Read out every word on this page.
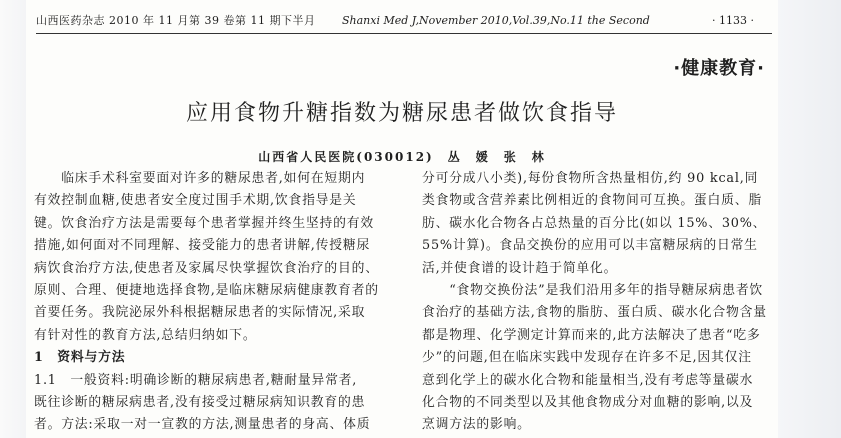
山西医药杂志 2010 年 11 月第 39 卷第 11 期下半月 Shanxi Med J,November 2010,Vol.39,No.11 the Second	· 1133 ·
·健康教育·
应用食物升糖指数为糖尿患者做饮食指导
山西省人民医院(030012)　丛　媛　张　林

　　临床手术科室要面对许多的糖尿患者,如何在短期内

有效控制血糖,使患者安全度过围手术期,饮食指导是关

键。饮食治疗方法是需要每个患者掌握并终生坚持的有效

措施,如何面对不同理解、接受能力的患者讲解,传授糖尿

病饮食治疗方法,使患者及家属尽快掌握饮食治疗的目的、

原则、合理、便捷地选择食物,是临床糖尿病健康教育者的

首要任务。我院泌尿外科根据糖尿患者的实际情况,采取

有针对性的教育方法,总结归纳如下。

1　资料与方法

1.1　一般资料:明确诊断的糖尿病患者,糖耐量异常者,

既往诊断的糖尿病患者,没有接受过糖尿病知识教育的患

者。方法:采取一对一宣教的方法,测量患者的身高、体质

分可分成八小类),每份食物所含热量相仿,约 90 kcal,同

类食物或含营养素比例相近的食物间可互换。蛋白质、脂

肪、碳水化合物各占总热量的百分比(如以 15%、30%、

55%计算)。食品交换份的应用可以丰富糖尿病的日常生

活,并使食谱的设计趋于简单化。

　　“食物交换份法”是我们沿用多年的指导糖尿病患者饮

食治疗的基础方法,食物的脂肪、蛋白质、碳水化合物含量

都是物理、化学测定计算而来的,此方法解决了患者“吃多

少”的问题,但在临床实践中发现存在许多不足,因其仅注

意到化学上的碳水化合物和能量相当,没有考虑等量碳水

化合物的不同类型以及其他食物成分对血糖的影响,以及

烹调方法的影响。
